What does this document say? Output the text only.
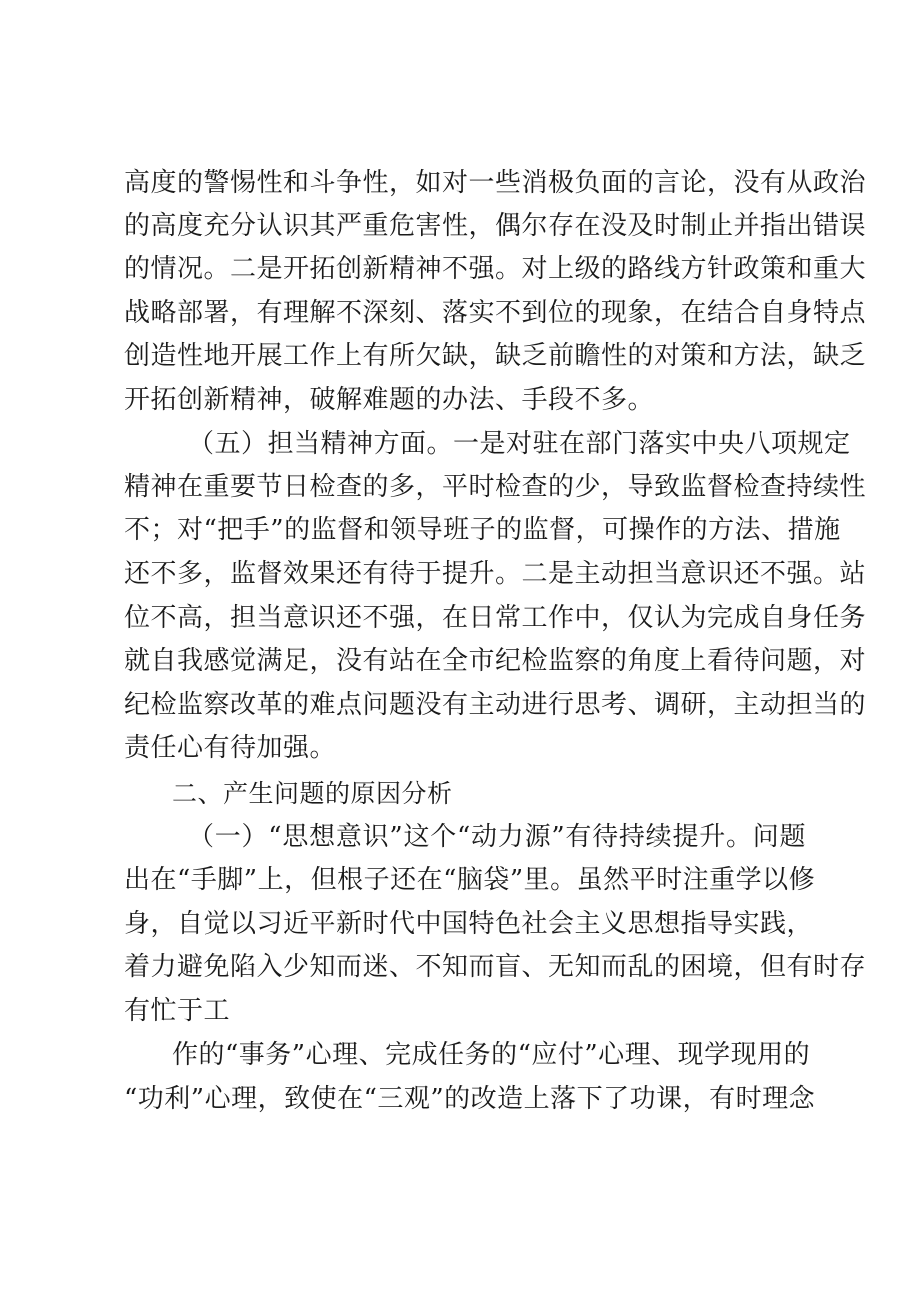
高度的警惕性和斗争性，如对一些消极负面的言论，没有从政治
的高度充分认识其严重危害性，偶尔存在没及时制止并指出错误
的情况。二是开拓创新精神不强。对上级的路线方针政策和重大
战略部署，有理解不深刻、落实不到位的现象，在结合自身特点
创造性地开展工作上有所欠缺，缺乏前瞻性的对策和方法，缺乏
开拓创新精神，破解难题的办法、手段不多。
（五）担当精神方面。一是对驻在部门落实中央八项规定
精神在重要节日检查的多，平时检查的少，导致监督检查持续性
不；对“把手”的监督和领导班子的监督，可操作的方法、措施
还不多，监督效果还有待于提升。二是主动担当意识还不强。站
位不高，担当意识还不强，在日常工作中，仅认为完成自身任务
就自我感觉满足，没有站在全市纪检监察的角度上看待问题，对
纪检监察改革的难点问题没有主动进行思考、调研，主动担当的
责任心有待加强。
二、产生问题的原因分析
（一）“思想意识”这个“动力源”有待持续提升。问题
出在“手脚”上，但根子还在“脑袋”里。虽然平时注重学以修
身，自觉以习近平新时代中国特色社会主义思想指导实践，
着力避免陷入少知而迷、不知而盲、无知而乱的困境，但有时存
有忙于工
作的“事务”心理、完成任务的“应付”心理、现学现用的
“功利”心理，致使在“三观”的改造上落下了功课，有时理念
